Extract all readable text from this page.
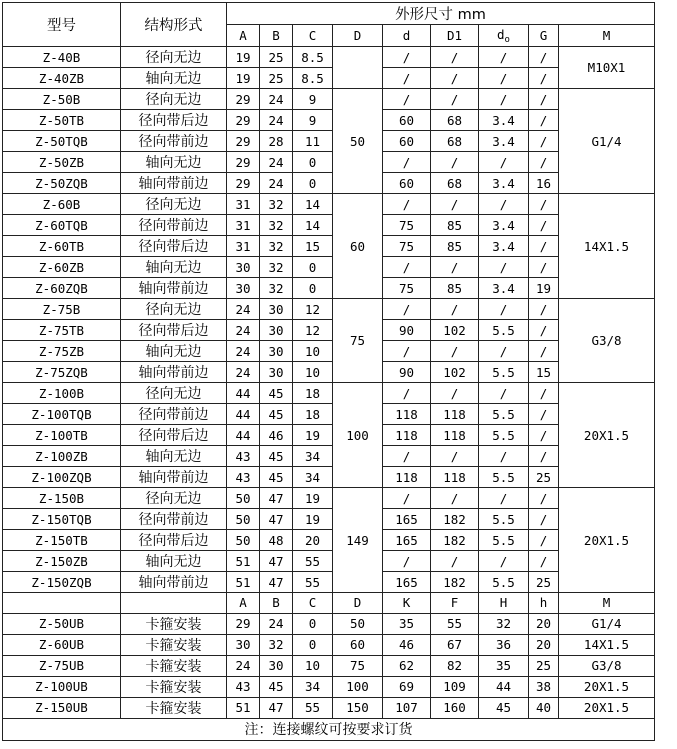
型号	结构形式	外形尺寸 mm								
		A	B	C	D	d	D1	$d_o$	G	M
Z-40B	径向无边	19	25	8.5		/	/	/	/	M10X1
Z-40ZB	轴向无边	19	25	8.5		/	/	/	/	
Z-50B	径向无边	29	24	9	50	/	/	/	/	G1/4
Z-50TB	径向带后边	29	24	9		60	68	3.4	/	
Z-50TQB	径向带前边	29	28	11		60	68	3.4	/	
Z-50ZB	轴向无边	29	24	0		/	/	/	/	
Z-50ZQB	轴向带前边	29	24	0		60	68	3.4	16	
Z-60B	径向无边	31	32	14	60	/	/	/	/	14X1.5
Z-60TQB	径向带前边	31	32	14		75	85	3.4	/	
Z-60TB	径向带后边	31	32	15		75	85	3.4	/	
Z-60ZB	轴向无边	30	32	0		/	/	/	/	
Z-60ZQB	轴向带前边	30	32	0		75	85	3.4	19	
Z-75B	径向无边	24	30	12	75	/	/	/	/	G3/8
Z-75TB	径向带后边	24	30	12		90	102	5.5	/	
Z-75ZB	轴向无边	24	30	10		/	/	/	/	
Z-75ZQB	轴向带前边	24	30	10		90	102	5.5	15	
Z-100B	径向无边	44	45	18	100	/	/	/	/	20X1.5
Z-100TQB	径向带前边	44	45	18		118	118	5.5	/	
Z-100TB	径向带后边	44	46	19		118	118	5.5	/	
Z-100ZB	轴向无边	43	45	34		/	/	/	/	
Z-100ZQB	轴向带前边	43	45	34		118	118	5.5	25	
Z-150B	径向无边	50	47	19	149	/	/	/	/	20X1.5
Z-150TQB	径向带前边	50	47	19		165	182	5.5	/	
Z-150TB	径向带后边	50	48	20		165	182	5.5	/	
Z-150ZB	轴向无边	51	47	55		/	/	/	/	
Z-150ZQB	轴向带前边	51	47	55		165	182	5.5	25	
		A	B	C	D	K	F	H	h	M
Z-50UB	卡箍安装	29	24	0	50	35	55	32	20	G1/4
Z-60UB	卡箍安装	30	32	0	60	46	67	36	20	14X1.5
Z-75UB	卡箍安装	24	30	10	75	62	82	35	25	G3/8
Z-100UB	卡箍安装	43	45	34	100	69	109	44	38	20X1.5
Z-150UB	卡箍安装	51	47	55	150	107	160	45	40	20X1.5
注：连接螺纹可按要求订货										
